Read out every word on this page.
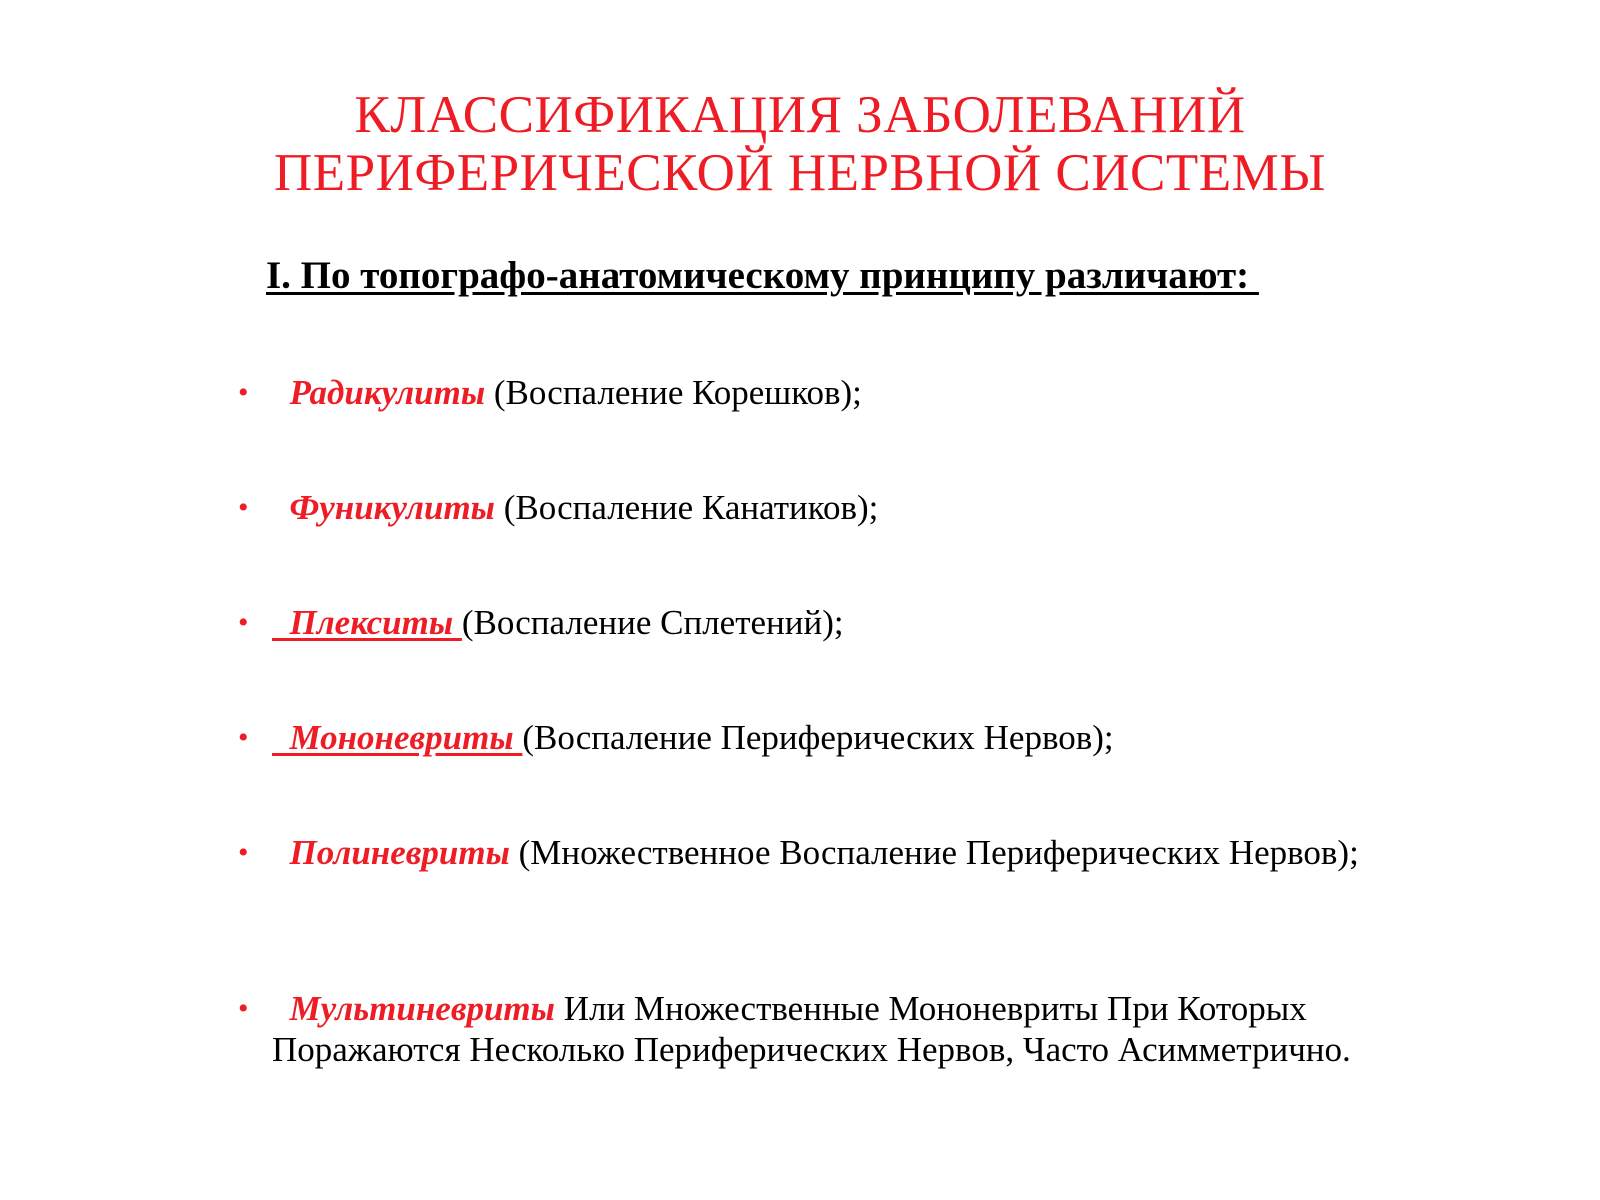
КЛАССИФИКАЦИЯ ЗАБОЛЕВАНИЙ
ПЕРИФЕРИЧЕСКОЙ НЕРВНОЙ СИСТЕМЫ
I. По топографо-анатомическому принципу различают:
• Радикулиты (Воспаление Корешков);
• Фуникулиты (Воспаление Канатиков);
• Плекситы (Воспаление Сплетений);
• Мононевриты (Воспаление Периферических Нервов);
• Полиневриты (Множественное Воспаление Периферических Нервов);
• Мультиневриты Или Множественные Мононевриты При Которых Поражаются Несколько Периферических Нервов, Часто Асимметрично.
